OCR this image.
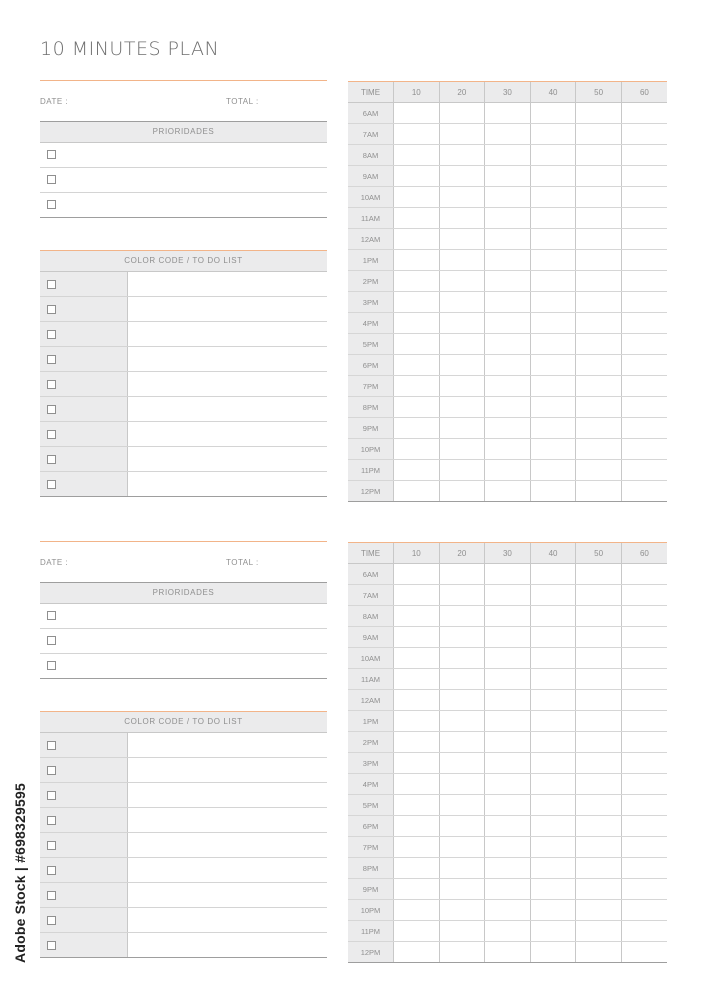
10 MINUTES PLAN
DATE :	TOTAL :
PRIORIDADES
COLOR CODE / TO DO LIST
DATE :	TOTAL :
PRIORIDADES
COLOR CODE / TO DO LIST
TIME	10	20	30	40	50	60
6AM						
7AM						
8AM						
9AM						
10AM						
11AM						
12AM						
1PM						
2PM						
3PM						
4PM						
5PM						
6PM						
7PM						
8PM						
9PM						
10PM						
11PM						
12PM						
TIME	10	20	30	40	50	60
6AM						
7AM						
8AM						
9AM						
10AM						
11AM						
12AM						
1PM						
2PM						
3PM						
4PM						
5PM						
6PM						
7PM						
8PM						
9PM						
10PM						
11PM						
12PM						
Adobe Stock | #698329595
